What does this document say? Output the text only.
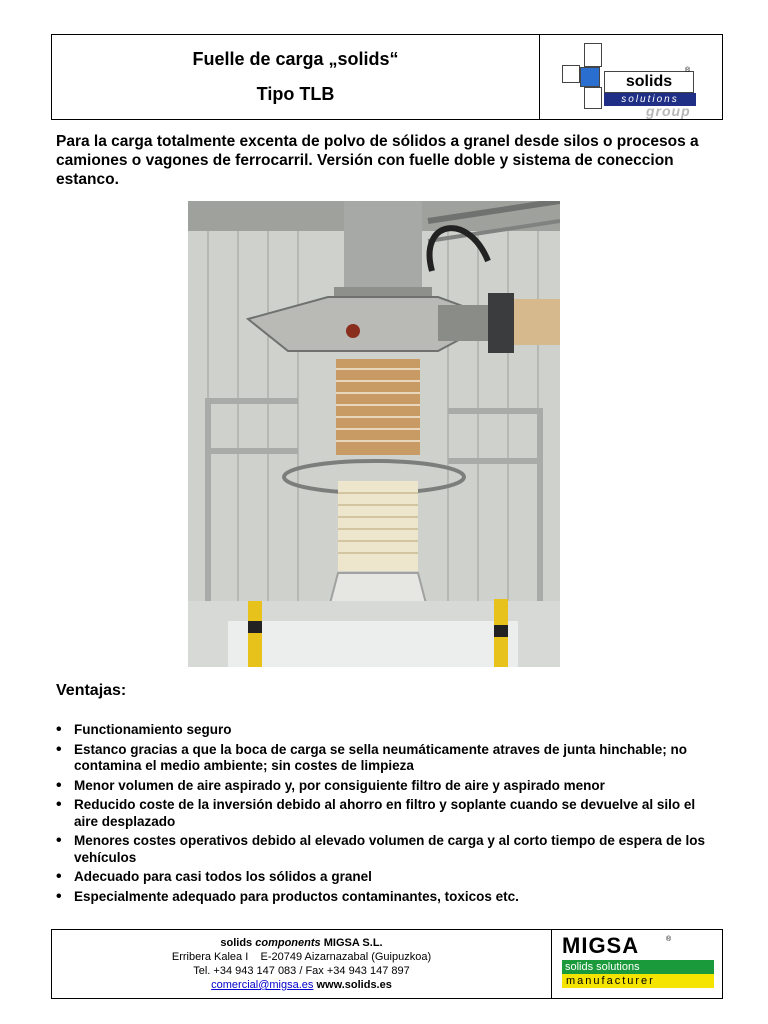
Fuelle de carga „solids“
Tipo TLB
solids
®
solutions
group

Para la carga totalmente excenta de polvo de sólidos a granel desde silos o procesos a camiones o vagones de ferrocarril. Versión con fuelle doble y sistema de coneccion estanco.

Ventajas:
• Functionamiento seguro
• Estanco gracias a que la boca de carga se sella neumáticamente atraves de junta hinchable; no contamina el medio ambiente; sin costes de limpieza
• Menor volumen de aire aspirado y, por consiguiente filtro de aire y aspirado menor
• Reducido coste de la inversión debido al ahorro en filtro y soplante cuando se devuelve al silo el aire desplazado
• Menores costes operativos debido al elevado volumen de carga y al corto tiempo de espera de los vehículos
• Adecuado para casi todos los sólidos a granel
• Especialmente adequado para productos contaminantes, toxicos etc.
solids components MIGSA S.L.
Erribera Kalea I    E-20749 Aizarnazabal (Guipuzkoa)
Tel. +34 943 147 083 / Fax +34 943 147 897
comercial@migsa.es www.solids.es
MIGSA	®
solids solutions
manufacturer
